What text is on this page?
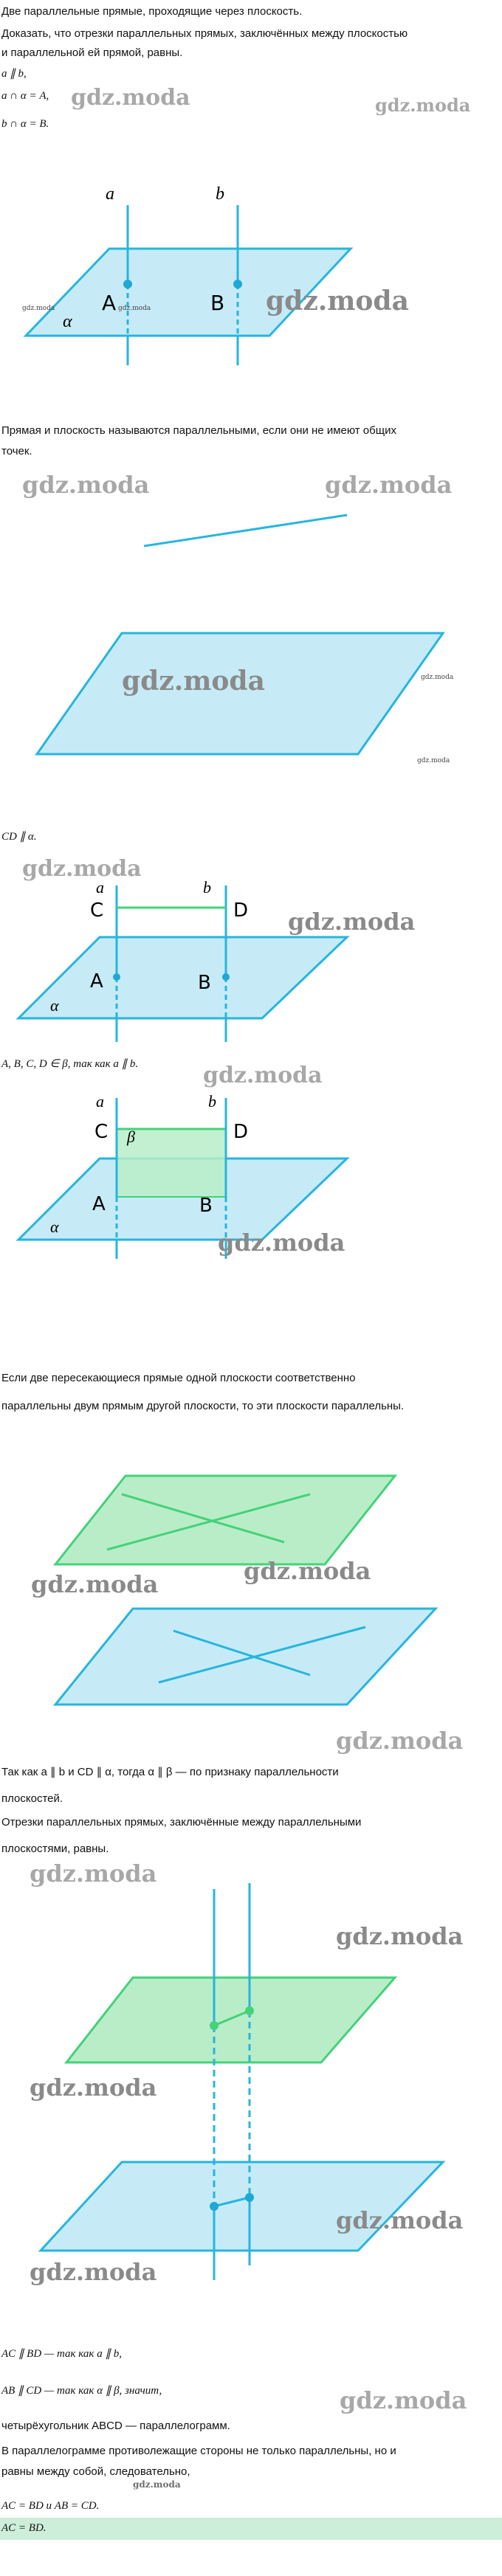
Две параллельные прямые, проходящие через плоскость.
Доказать, что отрезки параллельных прямых, заключённых между плоскостью
и параллельной ей прямой, равны.
a ∥ b,
a ∩ α = A,
b ∩ α = B.
gdz.moda	gdz.moda
a	b
A	B
α
gdz.moda
gdz.moda	gdz.moda
Прямая и плоскость называются параллельными, если они не имеют общих
точек.
gdz.moda	gdz.moda
gdz.moda	gdz.moda
gdz.moda
CD ∥ α.
gdz.moda
a	b
C	D
A	B
α
gdz.moda
A, B, C, D ∈ β, так как a ∥ b.	gdz.moda
a	b
C	D
β
A	B
α
gdz.moda
Если две пересекающиеся прямые одной плоскости соответственно
параллельны двум прямым другой плоскости, то эти плоскости параллельны.
gdz.moda	gdz.moda
gdz.moda
Так как a ∥ b и CD ∥ α, тогда α ∥ β — по признаку параллельности
плоскостей.
Отрезки параллельных прямых, заключённые между параллельными
плоскостями, равны.
gdz.moda
gdz.moda
gdz.moda
gdz.moda
gdz.moda
AC ∥ BD — так как a ∥ b,
AB ∥ CD — так как α ∥ β, значит,	gdz.moda
четырёхугольник ABCD — параллелограмм.
В параллелограмме противолежащие стороны не только параллельны, но и
равны между собой, следовательно,
gdz.moda
AC = BD и AB = CD.
AC = BD.
